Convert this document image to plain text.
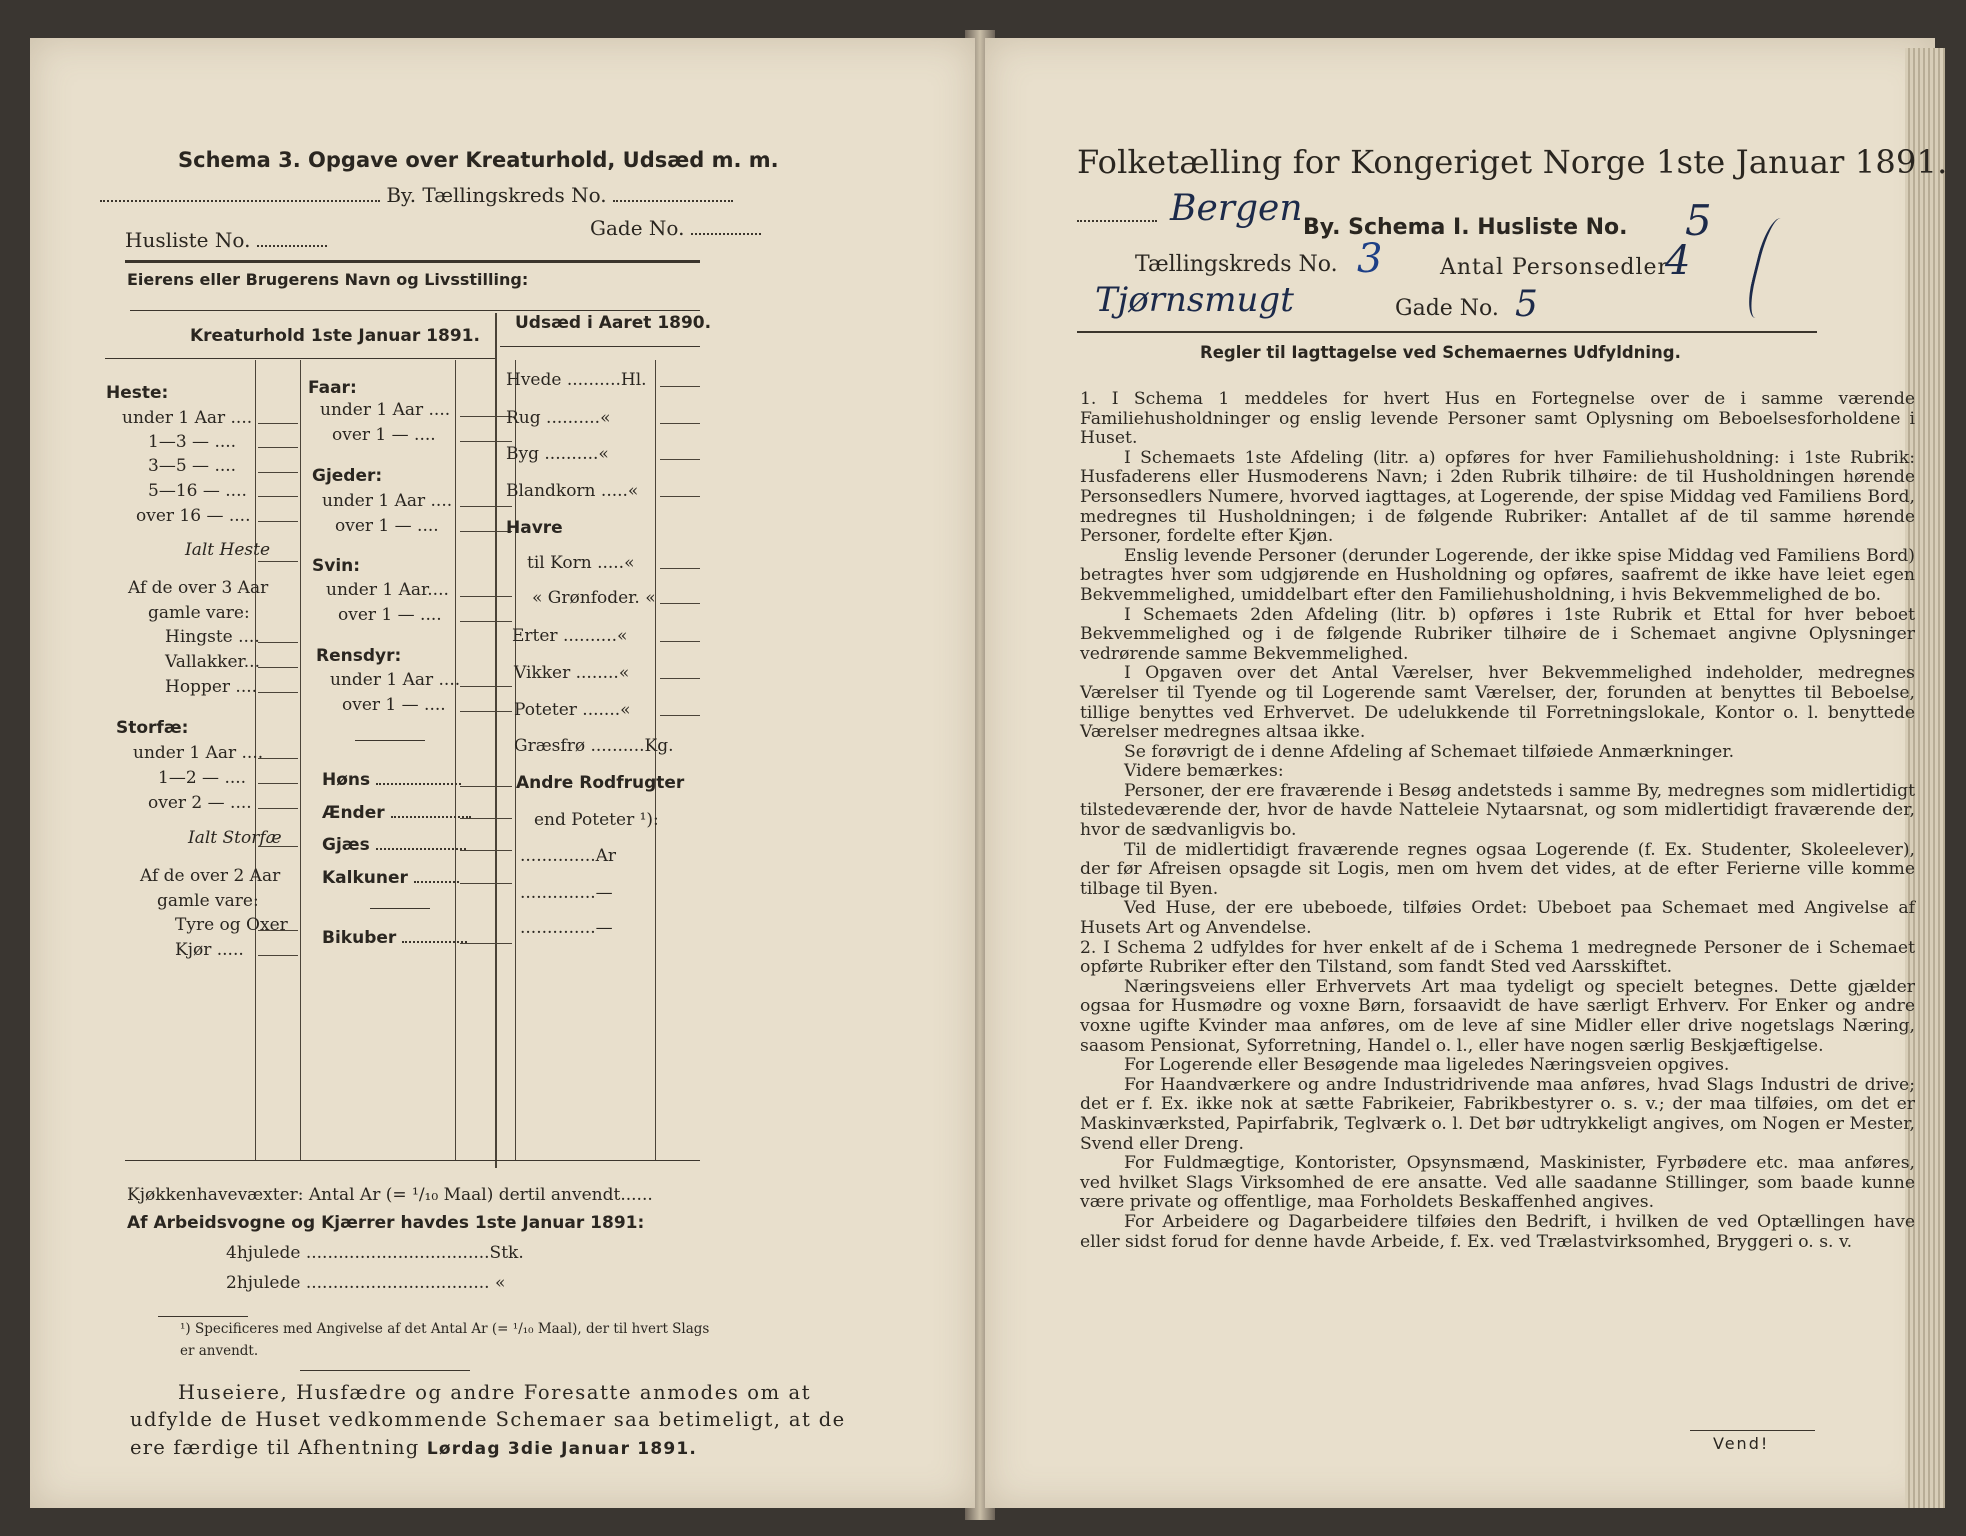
Schema 3. Opgave over Kreaturhold, Udsæd m. m.
By. Tællingskreds No.
Husliste No.	Gade No.
Eierens eller Brugerens Navn og Livsstilling:
Kreaturhold 1ste Januar 1891.
Udsæd i Aaret 1890.
Heste:
under 1 Aar ....
1—3 — ....
3—5 — ....
5—16 — ....
over 16 — ....
Ialt Heste
Af de over 3 Aar
gamle vare:
Hingste ....
Vallakker...
Hopper ....
Storfæ:
under 1 Aar ....
1—2 — ....
over 2 — ....
Ialt Storfæ
Af de over 2 Aar
gamle vare:
Tyre og Oxer
Kjør .....
Faar:
under 1 Aar ....
over 1 — ....
Gjeder:
under 1 Aar ....
over 1 — ....
Svin:
under 1 Aar....
over 1 — ....
Rensdyr:
under 1 Aar ....
over 1 — ....
Høns
Ænder
Gjæs
Kalkuner
Bikuber
Hvede ..........Hl.
Rug ..........«
Byg ..........«
Blandkorn .....«
Havre
til Korn .....«
« Grønfoder. «
Erter ..........«
Vikker ........«
Poteter .......«
Græsfrø ..........Kg.
Andre Rodfrugter
end Poteter ¹):
..............Ar
..............—
..............—
Kjøkkenhavevæxter: Antal Ar (= ¹/₁₀ Maal) dertil anvendt......
Af Arbeidsvogne og Kjærrer havdes 1ste Januar 1891:
4hjulede ..................................Stk.
2hjulede .................................. «
¹) Specificeres med Angivelse af det Antal Ar (= ¹/₁₀ Maal), der til hvert Slags er anvendt.
Huseiere, Husfædre og andre Foresatte anmodes om at
udfylde de Huset vedkommende Schemaer saa betimeligt, at de
ere færdige til Afhentning Lørdag 3die Januar 1891.
Folketælling for Kongeriget Norge 1ste Januar 1891.
Bergen By. Schema I. Husliste No. 5
Tællingskreds No. 3	Antal Personsedler
4
Tjørnsmugt	Gade No. 5
Regler til Iagttagelse ved Schemaernes Udfyldning.

1. I Schema 1 meddeles for hvert Hus en Fortegnelse over de i samme værende Familiehusholdninger og enslig levende Personer samt Oplysning om Beboelsesforholdene i Huset.

I Schemaets 1ste Afdeling (litr. a) opføres for hver Familiehusholdning: i 1ste Rubrik: Husfaderens eller Husmoderens Navn; i 2den Rubrik tilhøire: de til Husholdningen hørende Personsedlers Numere, hvorved iagttages, at Logerende, der spise Middag ved Familiens Bord, medregnes til Husholdningen; i de følgende Rubriker: Antallet af de til samme hørende Personer, fordelte efter Kjøn.

Enslig levende Personer (derunder Logerende, der ikke spise Middag ved Familiens Bord) betragtes hver som udgjørende en Husholdning og opføres, saafremt de ikke have leiet egen Bekvemmelighed, umiddelbart efter den Familiehusholdning, i hvis Bekvemmelighed de bo.

I Schemaets 2den Afdeling (litr. b) opføres i 1ste Rubrik et Ettal for hver beboet Bekvemmelighed og i de følgende Rubriker tilhøire de i Schemaet angivne Oplysninger vedrørende samme Bekvemmelighed.

I Opgaven over det Antal Værelser, hver Bekvemmelighed indeholder, medregnes Værelser til Tyende og til Logerende samt Værelser, der, forunden at benyttes til Beboelse, tillige benyttes ved Erhvervet. De udelukkende til Forretningslokale, Kontor o. l. benyttede Værelser medregnes altsaa ikke.

Se forøvrigt de i denne Afdeling af Schemaet tilføiede Anmærkninger.

Videre bemærkes:

Personer, der ere fraværende i Besøg andetsteds i samme By, medregnes som midlertidigt tilstedeværende der, hvor de havde Natteleie Nytaarsnat, og som midlertidigt fraværende der, hvor de sædvanligvis bo.

Til de midlertidigt fraværende regnes ogsaa Logerende (f. Ex. Studenter, Skoleelever), der før Afreisen opsagde sit Logis, men om hvem det vides, at de efter Ferierne ville komme tilbage til Byen.

Ved Huse, der ere ubeboede, tilføies Ordet: Ubeboet paa Schemaet med Angivelse af Husets Art og Anvendelse.

2. I Schema 2 udfyldes for hver enkelt af de i Schema 1 medregnede Personer de i Schemaet opførte Rubriker efter den Tilstand, som fandt Sted ved Aarsskiftet.

Næringsveiens eller Erhvervets Art maa tydeligt og specielt betegnes. Dette gjælder ogsaa for Husmødre og voxne Børn, forsaavidt de have særligt Erhverv. For Enker og andre voxne ugifte Kvinder maa anføres, om de leve af sine Midler eller drive nogetslags Næring, saasom Pensionat, Syforretning, Handel o. l., eller have nogen særlig Beskjæftigelse.

For Logerende eller Besøgende maa ligeledes Næringsveien opgives.

For Haandværkere og andre Industridrivende maa anføres, hvad Slags Industri de drive; det er f. Ex. ikke nok at sætte Fabrikeier, Fabrikbestyrer o. s. v.; der maa tilføies, om det er Maskinværksted, Papirfabrik, Teglværk o. l. Det bør udtrykkeligt angives, om Nogen er Mester, Svend eller Dreng.

For Fuldmægtige, Kontorister, Opsynsmænd, Maskinister, Fyrbødere etc. maa anføres, ved hvilket Slags Virksomhed de ere ansatte. Ved alle saadanne Stillinger, som baade kunne være private og offentlige, maa Forholdets Beskaffenhed angives.

For Arbeidere og Dagarbeidere tilføies den Bedrift, i hvilken de ved Optællingen have eller sidst forud for denne havde Arbeide, f. Ex. ved Trælastvirksomhed, Bryggeri o. s. v.

Vend!
